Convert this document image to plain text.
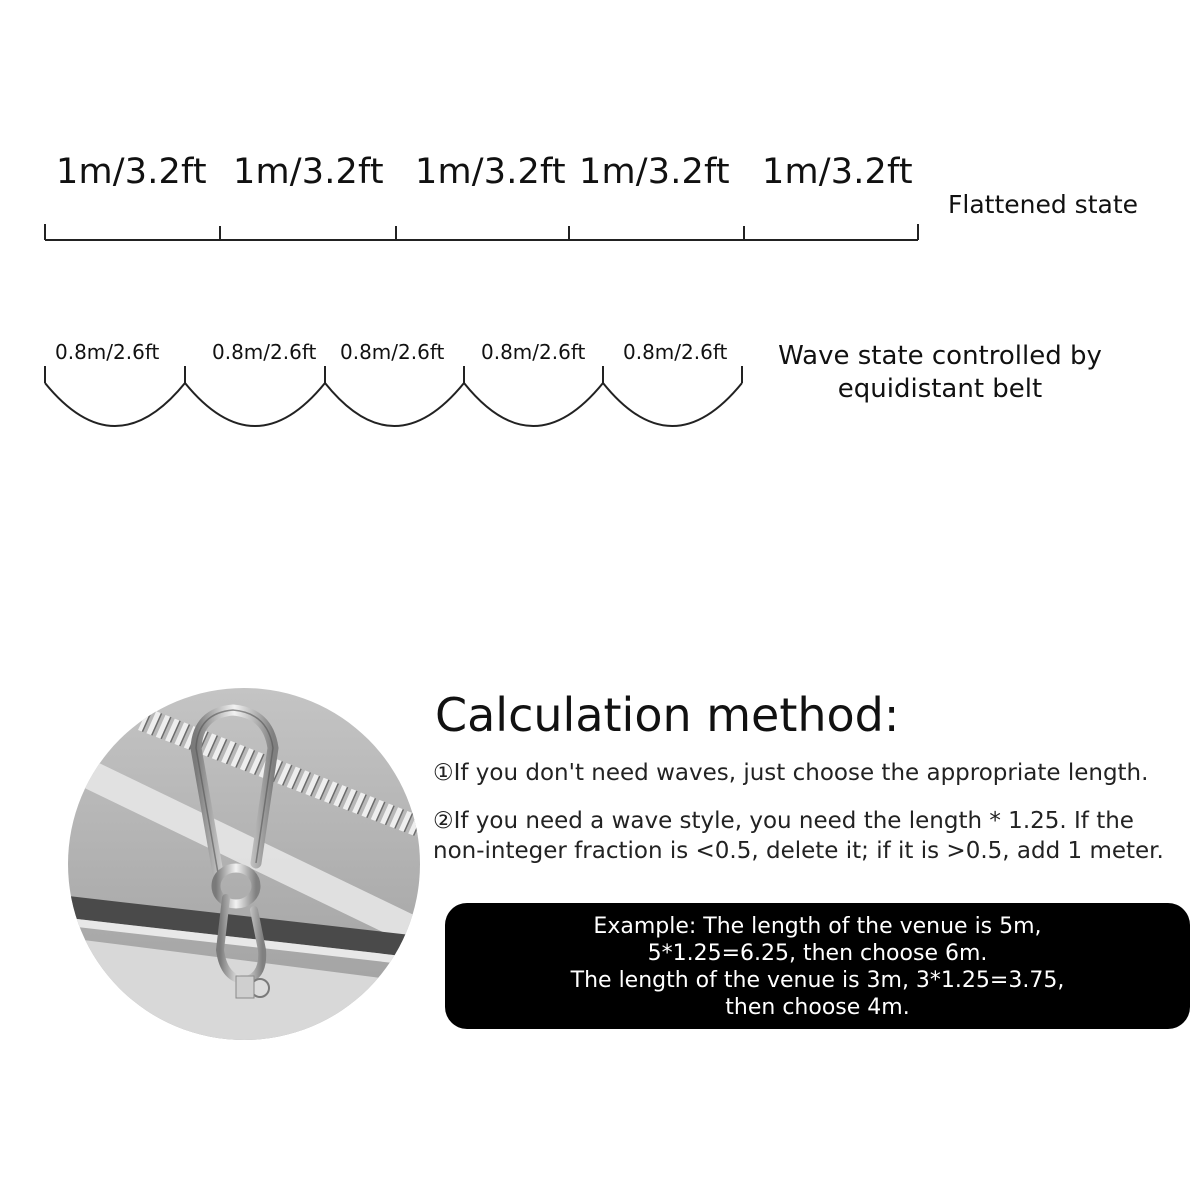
1m/3.2ft 1m/3.2ft 1m/3.2ft 1m/3.2ft 1m/3.2ft
Flattened state
0.8m/2.6ft	0.8m/2.6ft 0.8m/2.6ft 0.8m/2.6ft 0.8m/2.6ft	Wave state controlled by equidistant belt
Calculation method:
①If you don't need waves, just choose the appropriate length.
②If you need a wave style, you need the length * 1.25. If the non-integer fraction is <0.5, delete it; if it is >0.5, add 1 meter.
Example: The length of the venue is 5m,
5*1.25=6.25, then choose 6m.
The length of the venue is 3m, 3*1.25=3.75,
then choose 4m.
